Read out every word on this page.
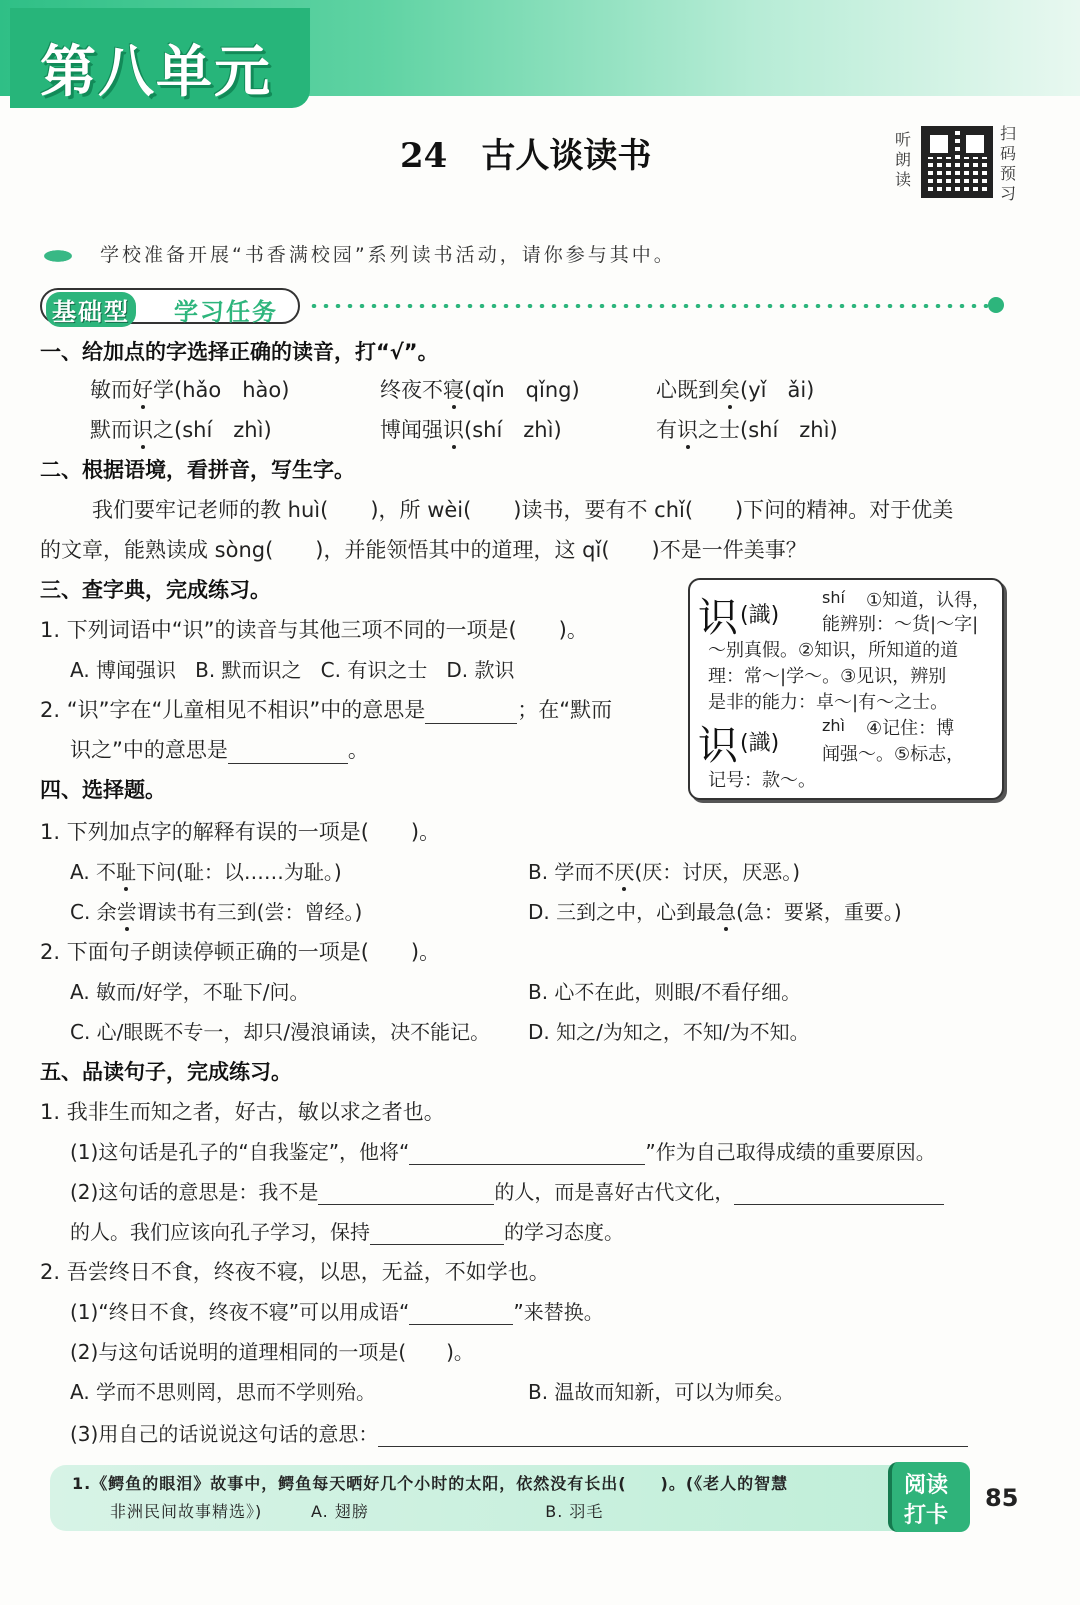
第八单元
24 古人谈读书	听朗读
扫码预习
学校准备开展“书香满校园”系列读书活动，请你参与其中。
基础型 学习任务
一、给加点的字选择正确的读音，打“√”。
敏而好学(hǎo　hào)	终夜不寝(qǐn　qǐng)	心既到矣(yǐ　ǎi)
默而识之(shí　zhì)	博闻强识(shí　zhì)	有识之士(shí　zhì)
二、根据语境，看拼音，写生字。
我们要牢记老师的教 huì(　　)，所 wèi(　　)读书，要有不 chǐ(　　)下问的精神。对于优美
的文章，能熟读成 sòng(　　)，并能领悟其中的道理，这 qǐ(　　)不是一件美事？
三、查字典，完成练习。
1. 下列词语中“识”的读音与其他三项不同的一项是(　　)。
A. 博闻强识 B. 默而识之 C. 有识之士 D. 款识
2. “识”字在“儿童相见不相识”中的意思是	；在“默而
识之”中的意思是	。
识 (識)
shí ①知道，认得，
能辨别：～货|～字|
～别真假。②知识，所知道的道
理：常～|学～。③见识，辨别
是非的能力：卓～|有～之士。
识 (識)
zhì ④记住：博
闻强～。⑤标志，
记号：款～。
四、选择题。
1. 下列加点字的解释有误的一项是(　　)。
A. 不耻下问(耻：以……为耻。)	B. 学而不厌(厌：讨厌，厌恶。)
C. 余尝谓读书有三到(尝：曾经。)	D. 三到之中，心到最急(急：要紧，重要。)
2. 下面句子朗读停顿正确的一项是(　　)。
A. 敏而/好学，不耻下/问。	B. 心不在此，则眼/不看仔细。
C. 心/眼既不专一，却只/漫浪诵读，决不能记。 D. 知之/为知之，不知/为不知。
五、品读句子，完成练习。
1. 我非生而知之者，好古，敏以求之者也。
(1)这句话是孔子的“自我鉴定”，他将“	”作为自己取得成绩的重要原因。
(2)这句话的意思是：我不是	的人，而是喜好古代文化，
的人。我们应该向孔子学习，保持	的学习态度。
2. 吾尝终日不食，终夜不寝，以思，无益，不如学也。
(1)“终日不食，终夜不寝”可以用成语“	”来替换。
(2)与这句话说明的道理相同的一项是(　　)。
A. 学而不思则罔，思而不学则殆。	B. 温故而知新，可以为师矣。
(3)用自己的话说说这句话的意思：
1.《鳄鱼的眼泪》故事中，鳄鱼每天晒好几个小时的太阳，依然没有长出(　　)。(《老人的智慧
非洲民间故事精选》)	A. 翅膀	B. 羽毛
阅读
打卡
85
